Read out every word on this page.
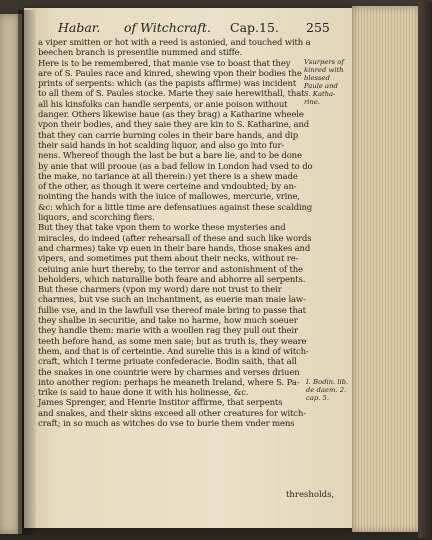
Habar. of Witchcraft. Cap.15. 255
a viper smitten or hot with a reed is astonied, and touched with a
beechen branch is presentlie nummed and stiffe.
Here is to be remembered, that manie vse to boast that they
are of S. Paules race and kinred, shewing vpon their bodies the
prints of serpents: which (as the papists affirme) was incident
to all them of S. Paules stocke. Marie they saie herewithall, that
all his kinsfolks can handle serpents, or anie poison without
danger. Others likewise haue (as they brag) a Katharine wheele
vpon their bodies, and they saie they are kin to S. Katharine, and
that they can carrie burning coles in their bare hands, and dip
their said hands in hot scalding liquor, and also go into fur-
nens. Whereof though the last be but a bare lie, and to be done
by anie that will prooue (as a bad fellow in London had vsed to do
the make, no tariance at all therein:) yet there is a shew made
of the other, as though it were certeine and vndoubted; by an-
nointing the hands with the iuice of mallowes, mercurie, vrine,
&c: which for a little time are defensatiues against these scalding
liquors, and scorching fiers.
But they that take vpon them to worke these mysteries and
miracles, do indeed (after rehearsall of these and such like words
and charmes) take vp euen in their bare hands, those snakes and
vipers, and sometimes put them about their necks, without re-
ceiuing anie hurt thereby, to the terror and astonishment of the
beholders, which naturallie both feare and abhorre all serpents.
But these charmers (vpon my word) dare not trust to their
charmes, but vse such an inchantment, as euerie man maie law-
fullie vse, and in the lawfull vse thereof maie bring to passe that
they shalbe in securitie, and take no harme, how much soeuer
they handle them: marie with a woollen rag they pull out their
teeth before hand, as some men saie; but as truth is, they weare
them, and that is of certeintie. And surelie this is a kind of witch-
craft, which I terme priuate confederacie. Bodin saith, that all
the snakes in one countrie were by charmes and verses driuen
into another region: perhaps he meaneth Ireland, where S. Pa-
trike is said to haue done it with his holinesse, &c.
James Sprenger, and Henrie Institor affirme, that serpents
and snakes, and their skins exceed all other creatures for witch-
craft; in so much as witches do vse to burie them vnder mens
Vsurpers of
kinred with
blessed
Paule and
S. Katha-
rine.
I. Bodin. lib.
de daem. 2.
cap. 5.
thresholds,
